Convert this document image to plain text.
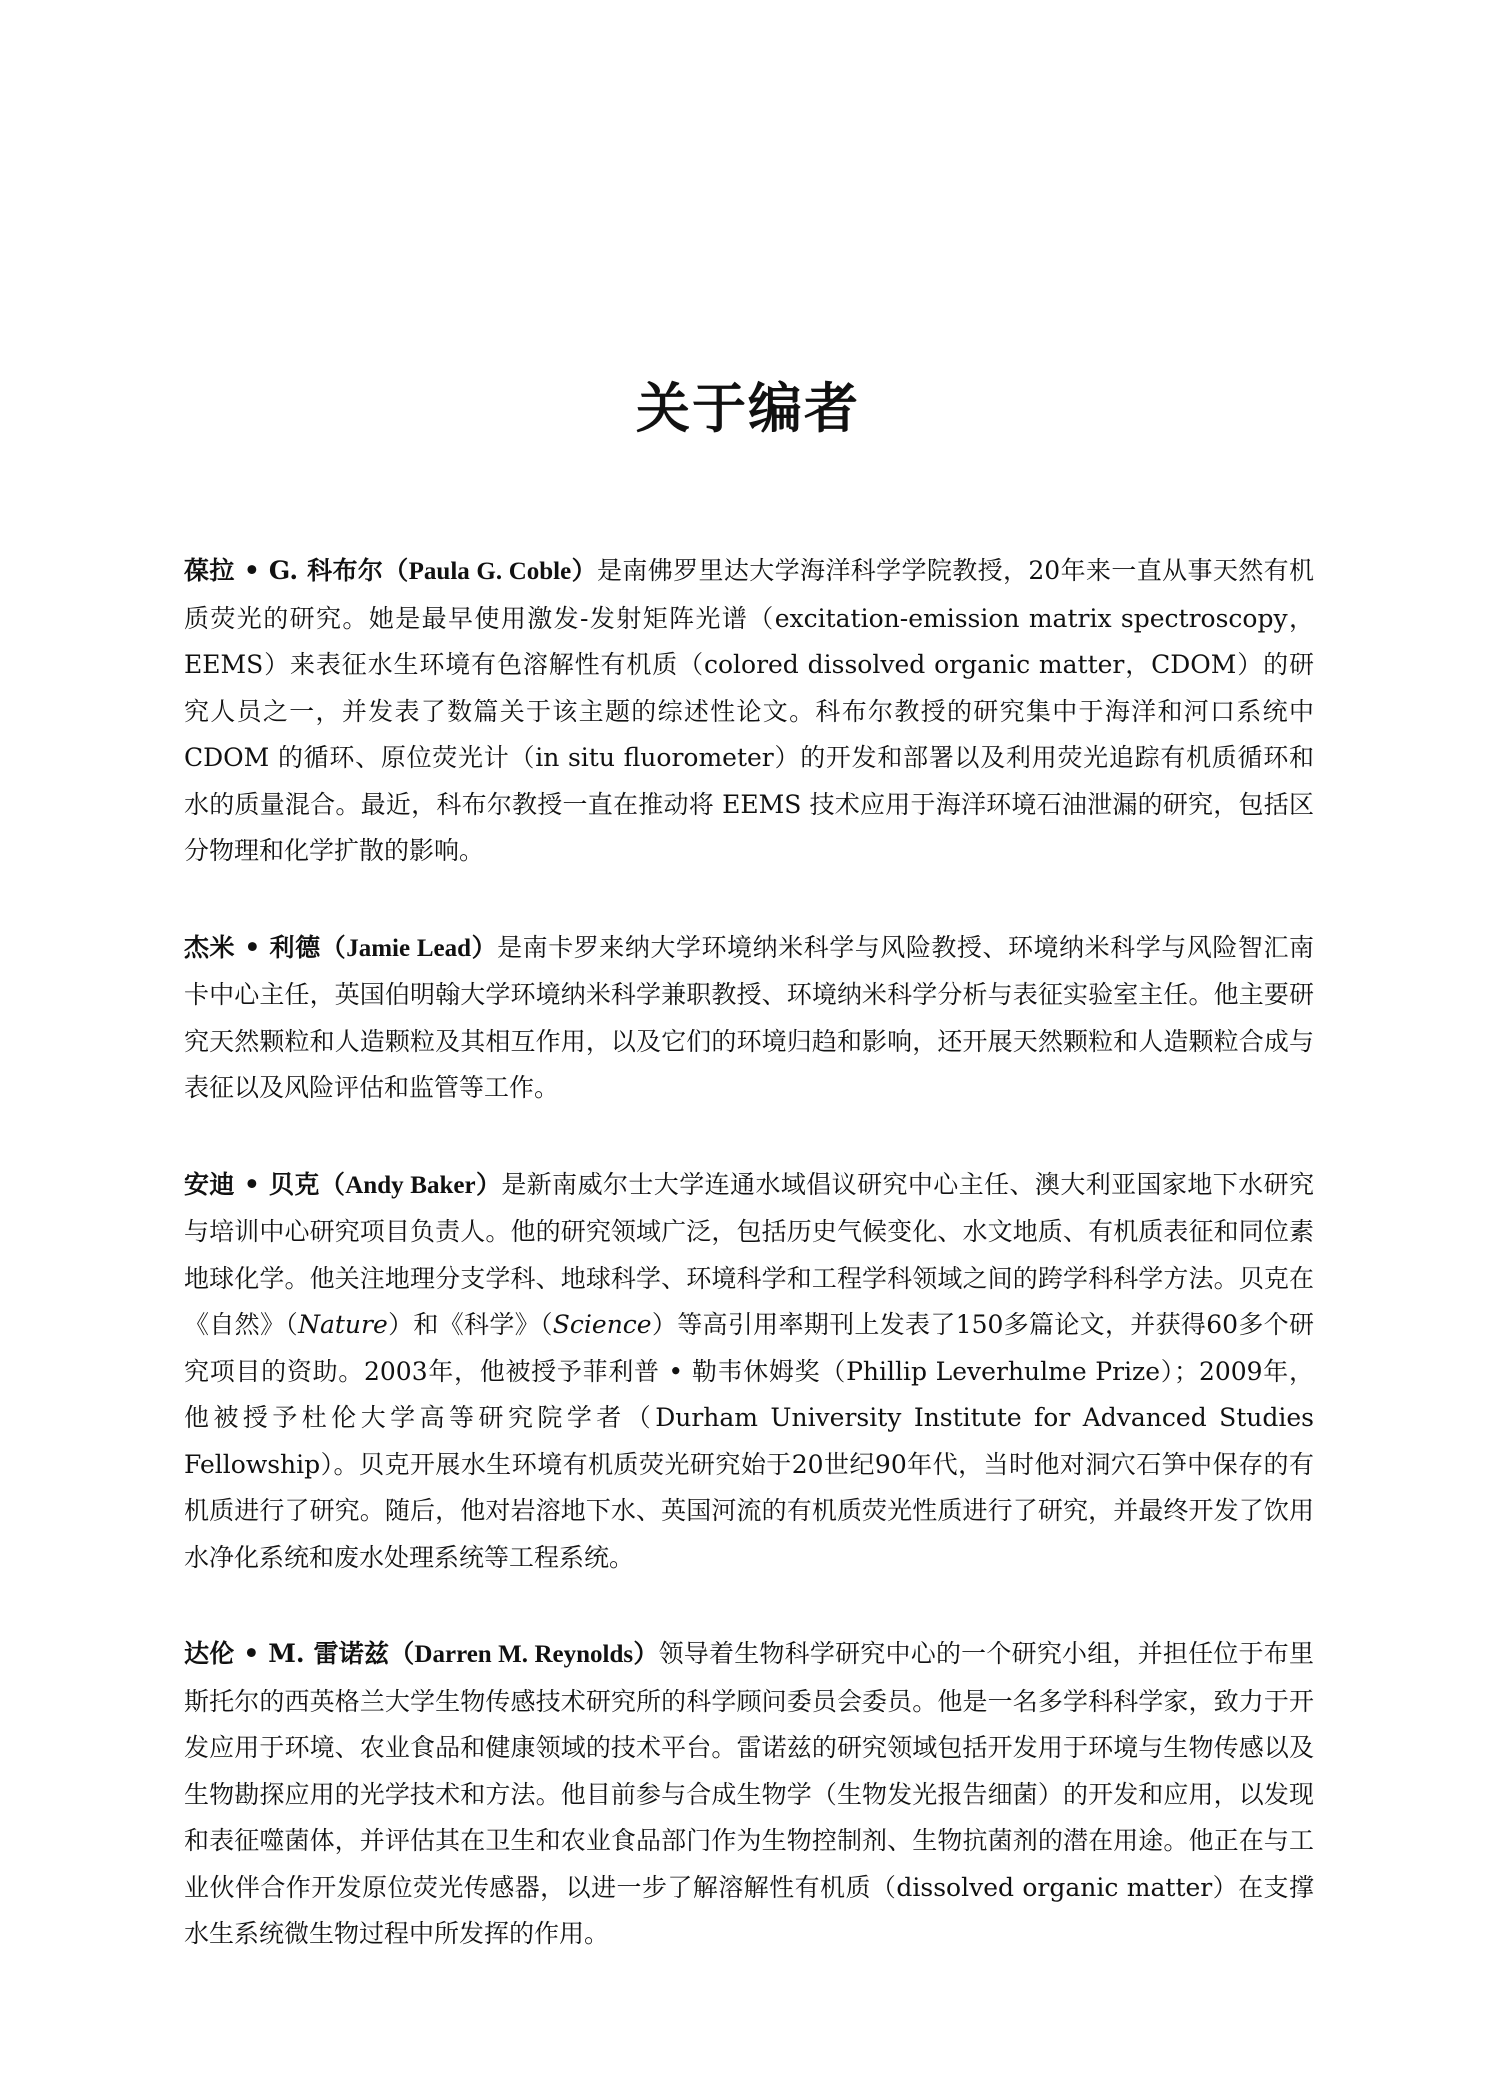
关于编者

葆拉 • G. 科布尔（Paula G. Coble）是南佛罗里达大学海洋科学学院教授，20年来一直从事天然有机质荧光的研究。她是最早使用激发-发射矩阵光谱（excitation-emission matrix spectroscopy，EEMS）来表征水生环境有色溶解性有机质（colored dissolved organic matter，CDOM）的研究人员之一，并发表了数篇关于该主题的综述性论文。科布尔教授的研究集中于海洋和河口系统中 CDOM 的循环、原位荧光计（in situ fluorometer）的开发和部署以及利用荧光追踪有机质循环和水的质量混合。最近，科布尔教授一直在推动将 EEMS 技术应用于海洋环境石油泄漏的研究，包括区分物理和化学扩散的影响。

杰米 • 利德（Jamie Lead）是南卡罗来纳大学环境纳米科学与风险教授、环境纳米科学与风险智汇南卡中心主任，英国伯明翰大学环境纳米科学兼职教授、环境纳米科学分析与表征实验室主任。他主要研究天然颗粒和人造颗粒及其相互作用，以及它们的环境归趋和影响，还开展天然颗粒和人造颗粒合成与表征以及风险评估和监管等工作。

安迪 • 贝克（Andy Baker）是新南威尔士大学连通水域倡议研究中心主任、澳大利亚国家地下水研究与培训中心研究项目负责人。他的研究领域广泛，包括历史气候变化、水文地质、有机质表征和同位素地球化学。他关注地理分支学科、地球科学、环境科学和工程学科领域之间的跨学科科学方法。贝克在《自然》（Nature）和《科学》（Science）等高引用率期刊上发表了150多篇论文，并获得60多个研究项目的资助。2003年，他被授予菲利普 • 勒韦休姆奖（Phillip Leverhulme Prize）；2009年，他被授予杜伦大学高等研究院学者（Durham University Institute for Advanced Studies Fellowship）。贝克开展水生环境有机质荧光研究始于20世纪90年代，当时他对洞穴石笋中保存的有机质进行了研究。随后，他对岩溶地下水、英国河流的有机质荧光性质进行了研究，并最终开发了饮用水净化系统和废水处理系统等工程系统。

达伦 • M. 雷诺兹（Darren M. Reynolds）领导着生物科学研究中心的一个研究小组，并担任位于布里斯托尔的西英格兰大学生物传感技术研究所的科学顾问委员会委员。他是一名多学科科学家，致力于开发应用于环境、农业食品和健康领域的技术平台。雷诺兹的研究领域包括开发用于环境与生物传感以及生物勘探应用的光学技术和方法。他目前参与合成生物学（生物发光报告细菌）的开发和应用，以发现和表征噬菌体，并评估其在卫生和农业食品部门作为生物控制剂、生物抗菌剂的潜在用途。他正在与工业伙伴合作开发原位荧光传感器，以进一步了解溶解性有机质（dissolved organic matter）在支撑水生系统微生物过程中所发挥的作用。
